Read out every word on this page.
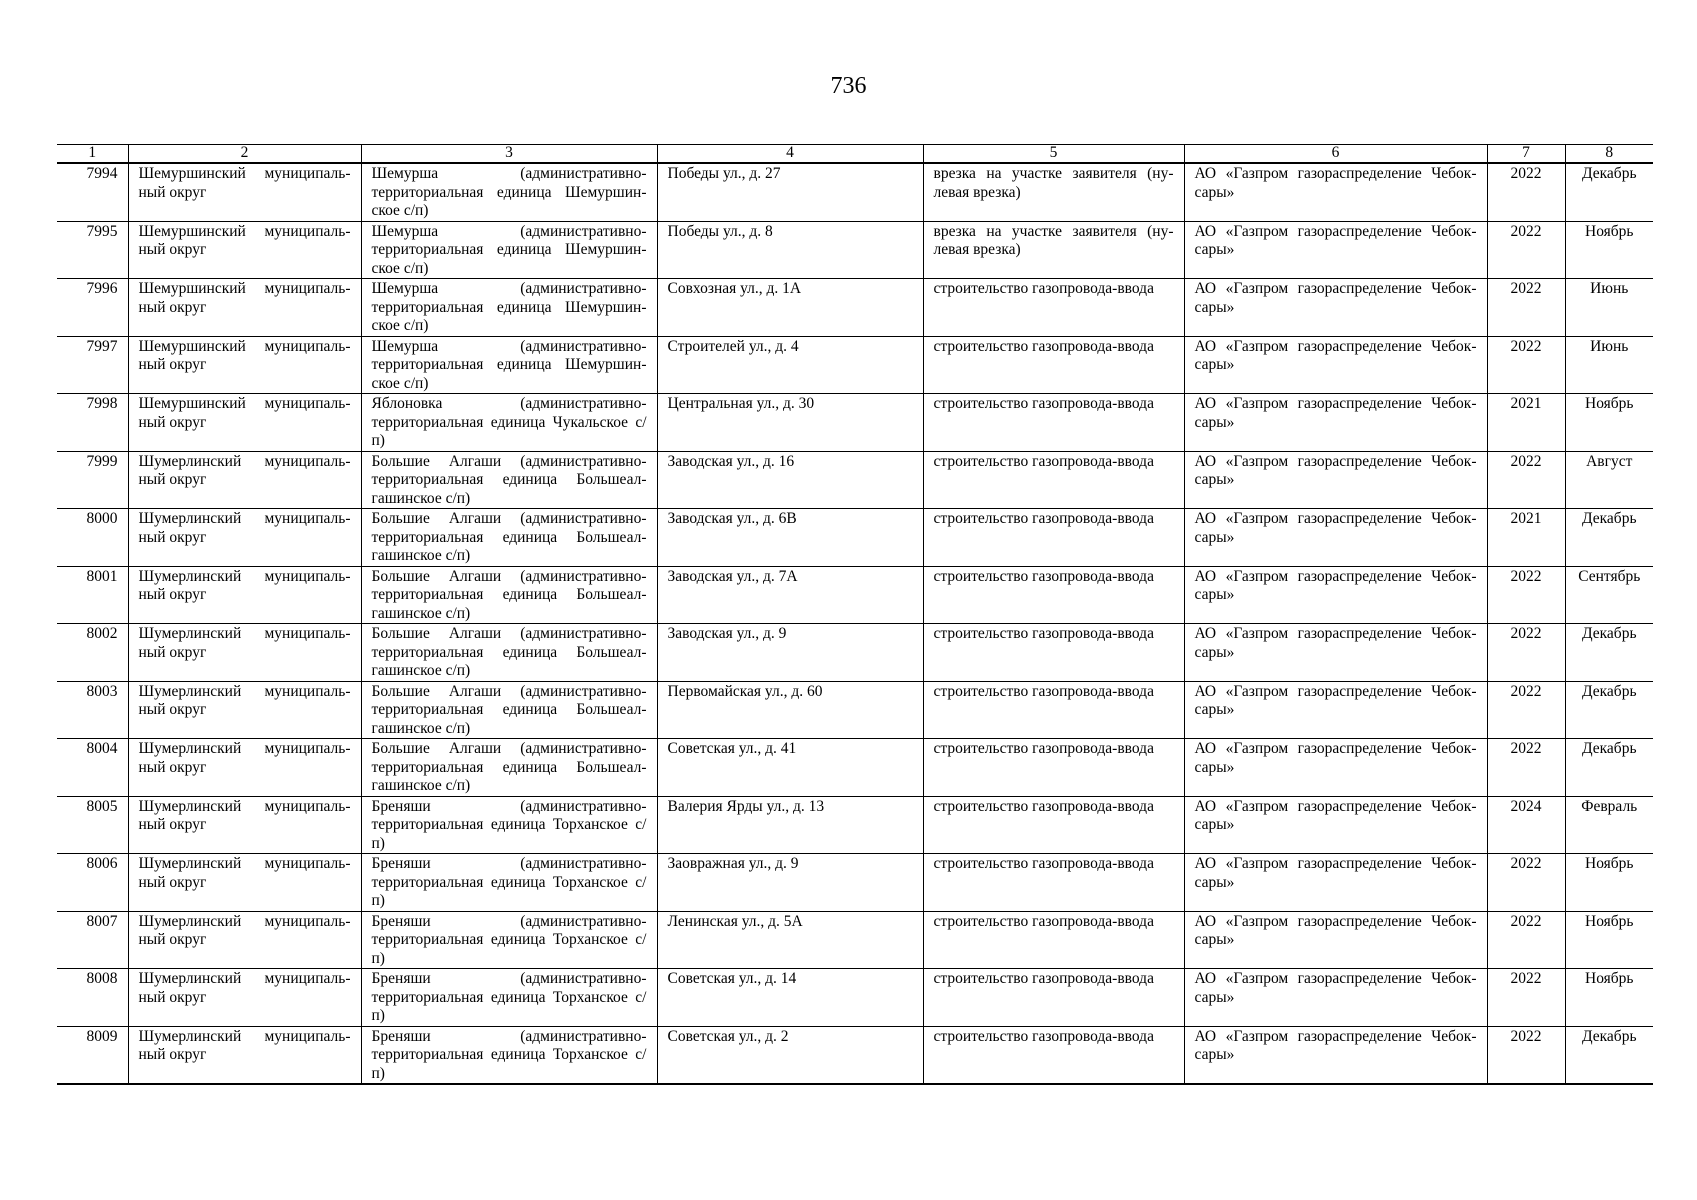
736
1	2	3	4	5	6	7	8
7994	Шемуршинский муниципаль-ный округ	Шемурша (административно-территориальная единица Шемуршин-ское с/п)	Победы ул., д. 27	врезка на участке заявителя (ну-левая врезка)	АО «Газпром газораспределение Чебок-сары»	2022	Декабрь
7995	Шемуршинский муниципаль-ный округ	Шемурша (административно-территориальная единица Шемуршин-ское с/п)	Победы ул., д. 8	врезка на участке заявителя (ну-левая врезка)	АО «Газпром газораспределение Чебок-сары»	2022	Ноябрь
7996	Шемуршинский муниципаль-ный округ	Шемурша (административно-территориальная единица Шемуршин-ское с/п)	Совхозная ул., д. 1А	строительство газопровода-ввода	АО «Газпром газораспределение Чебок-сары»	2022	Июнь
7997	Шемуршинский муниципаль-ный округ	Шемурша (административно-территориальная единица Шемуршин-ское с/п)	Строителей ул., д. 4	строительство газопровода-ввода	АО «Газпром газораспределение Чебок-сары»	2022	Июнь
7998	Шемуршинский муниципаль-ный округ	Яблоновка (административно-территориальная единица Чукальское с/п)	Центральная ул., д. 30	строительство газопровода-ввода	АО «Газпром газораспределение Чебок-сары»	2021	Ноябрь
7999	Шумерлинский муниципаль-ный округ	Большие Алгаши (административно-территориальная единица Большеал-гашинское с/п)	Заводская ул., д. 16	строительство газопровода-ввода	АО «Газпром газораспределение Чебок-сары»	2022	Август
8000	Шумерлинский муниципаль-ный округ	Большие Алгаши (административно-территориальная единица Большеал-гашинское с/п)	Заводская ул., д. 6В	строительство газопровода-ввода	АО «Газпром газораспределение Чебок-сары»	2021	Декабрь
8001	Шумерлинский муниципаль-ный округ	Большие Алгаши (административно-территориальная единица Большеал-гашинское с/п)	Заводская ул., д. 7А	строительство газопровода-ввода	АО «Газпром газораспределение Чебок-сары»	2022	Сентябрь
8002	Шумерлинский муниципаль-ный округ	Большие Алгаши (административно-территориальная единица Большеал-гашинское с/п)	Заводская ул., д. 9	строительство газопровода-ввода	АО «Газпром газораспределение Чебок-сары»	2022	Декабрь
8003	Шумерлинский муниципаль-ный округ	Большие Алгаши (административно-территориальная единица Большеал-гашинское с/п)	Первомайская ул., д. 60	строительство газопровода-ввода	АО «Газпром газораспределение Чебок-сары»	2022	Декабрь
8004	Шумерлинский муниципаль-ный округ	Большие Алгаши (административно-территориальная единица Большеал-гашинское с/п)	Советская ул., д. 41	строительство газопровода-ввода	АО «Газпром газораспределение Чебок-сары»	2022	Декабрь
8005	Шумерлинский муниципаль-ный округ	Бреняши (административно-территориальная единица Торханское с/п)	Валерия Ярды ул., д. 13	строительство газопровода-ввода	АО «Газпром газораспределение Чебок-сары»	2024	Февраль
8006	Шумерлинский муниципаль-ный округ	Бреняши (административно-территориальная единица Торханское с/п)	Заовражная ул., д. 9	строительство газопровода-ввода	АО «Газпром газораспределение Чебок-сары»	2022	Ноябрь
8007	Шумерлинский муниципаль-ный округ	Бреняши (административно-территориальная единица Торханское с/п)	Ленинская ул., д. 5А	строительство газопровода-ввода	АО «Газпром газораспределение Чебок-сары»	2022	Ноябрь
8008	Шумерлинский муниципаль-ный округ	Бреняши (административно-территориальная единица Торханское с/п)	Советская ул., д. 14	строительство газопровода-ввода	АО «Газпром газораспределение Чебок-сары»	2022	Ноябрь
8009	Шумерлинский муниципаль-ный округ	Бреняши (административно-территориальная единица Торханское с/п)	Советская ул., д. 2	строительство газопровода-ввода	АО «Газпром газораспределение Чебок-сары»	2022	Декабрь
